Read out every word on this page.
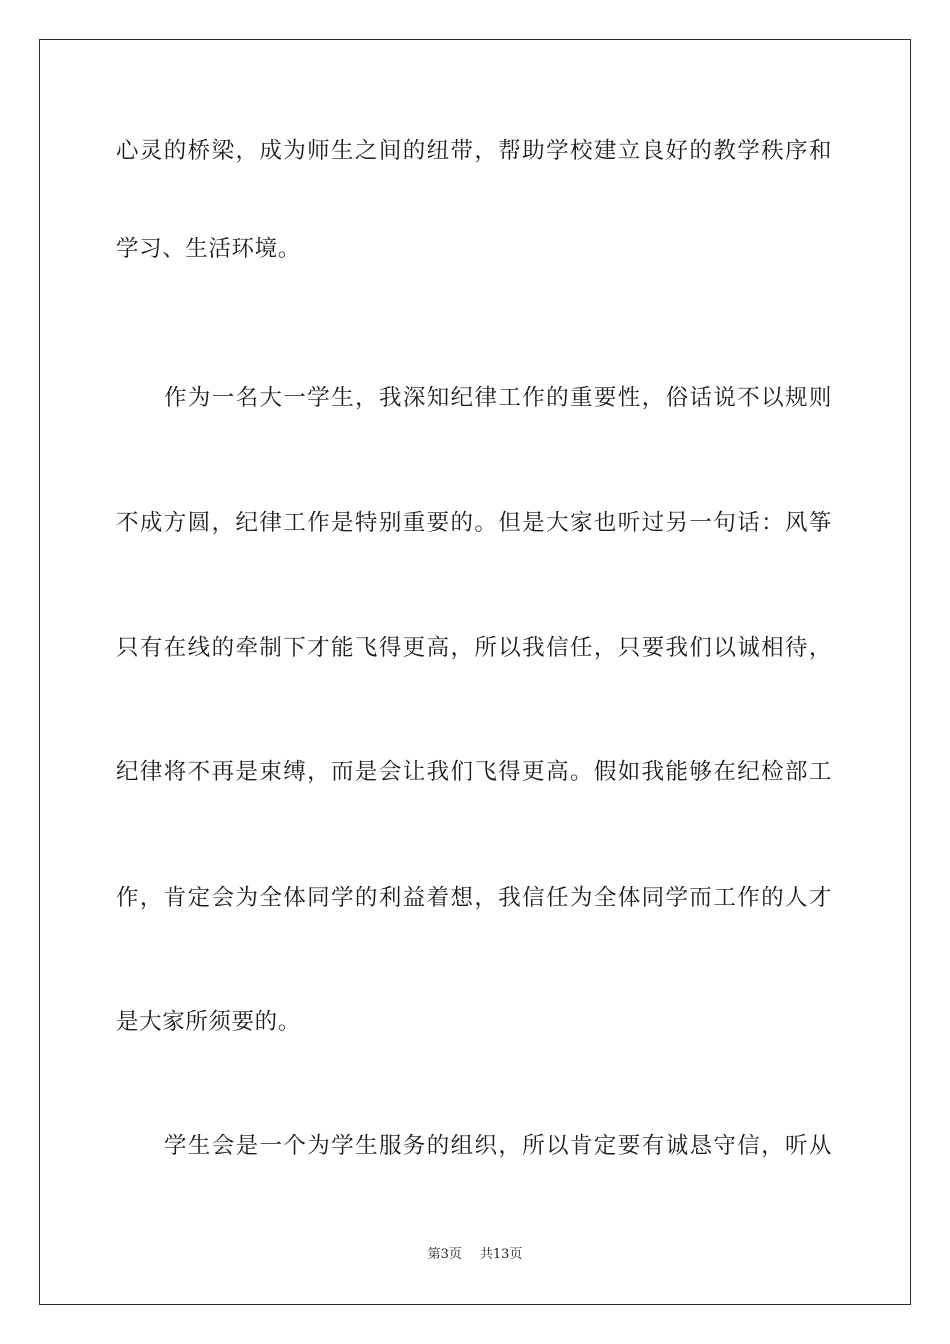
心灵的桥梁，成为师生之间的纽带，帮助学校建立良好的教学秩序和
学习、生活环境。
作为一名大一学生，我深知纪律工作的重要性，俗话说不以规则
不成方圆，纪律工作是特别重要的。但是大家也听过另一句话：风筝
只有在线的牵制下才能飞得更高，所以我信任，只要我们以诚相待，
纪律将不再是束缚，而是会让我们飞得更高。假如我能够在纪检部工
作，肯定会为全体同学的利益着想，我信任为全体同学而工作的人才
是大家所须要的。
学生会是一个为学生服务的组织，所以肯定要有诚恳守信，听从
第3页 共13页
